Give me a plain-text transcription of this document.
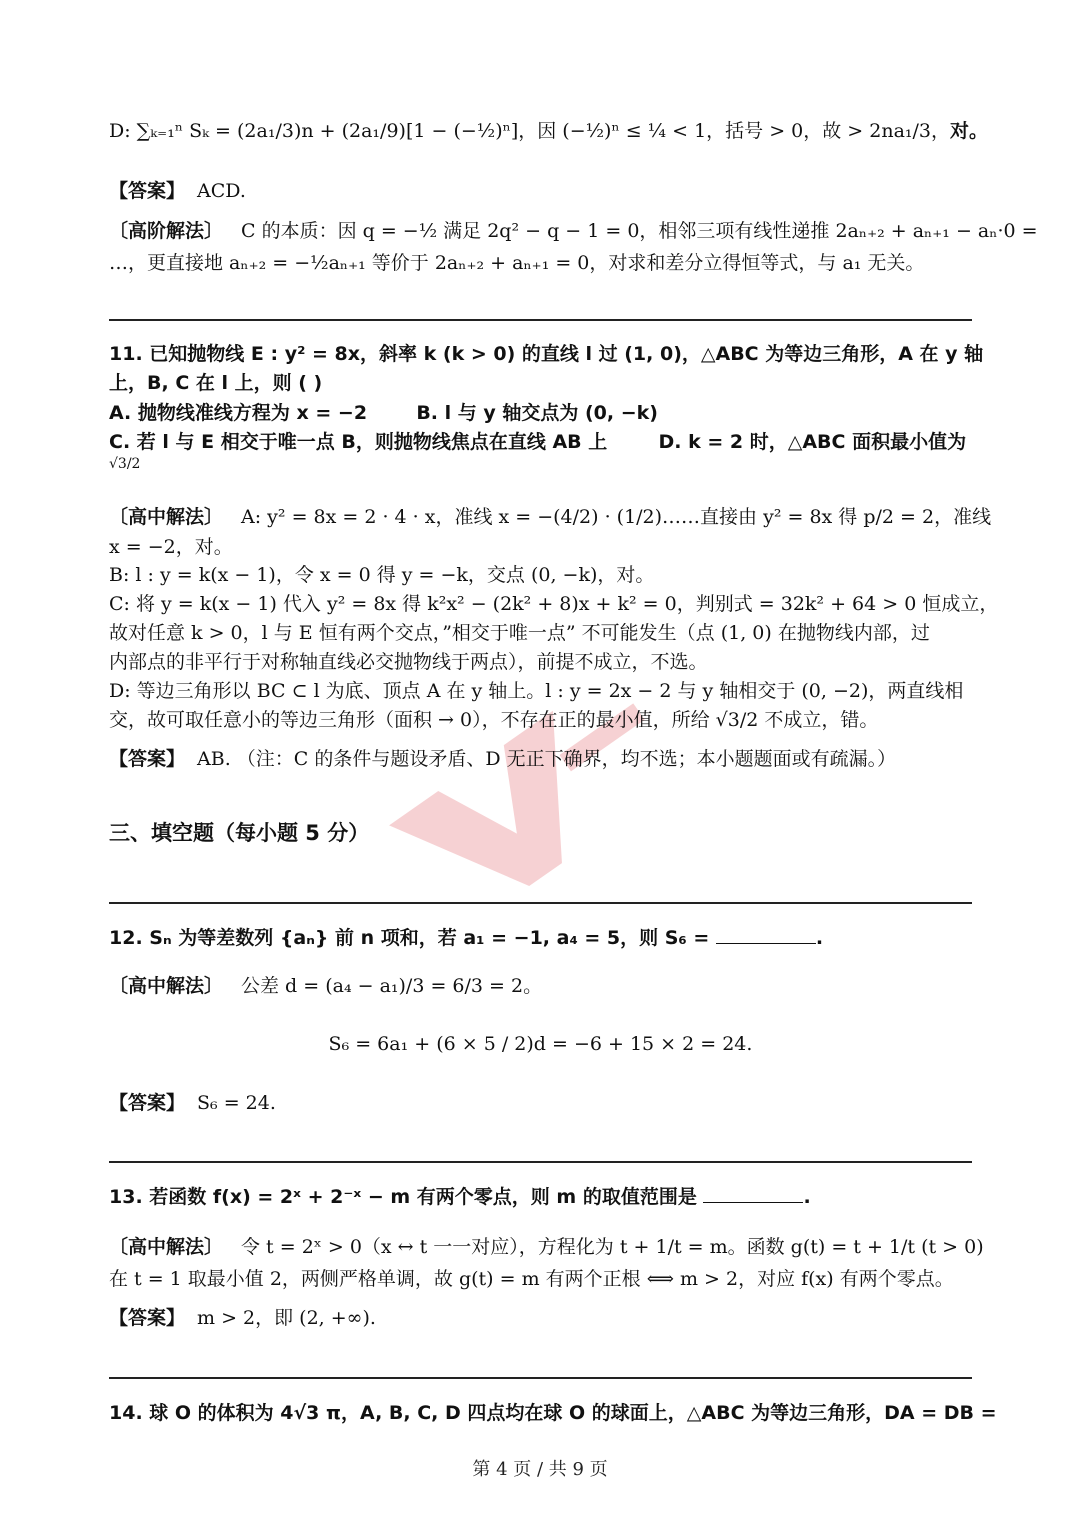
D: ∑ₖ₌₁ⁿ Sₖ = (2a₁/3)n + (2a₁/9)[1 − (−½)ⁿ]，因 (−½)ⁿ ≤ ¼ < 1，括号 > 0，故 > 2na₁/3，对。
【答案】 ACD.
〔高阶解法〕 C 的本质：因 q = −½ 满足 2q² − q − 1 = 0，相邻三项有线性递推 2aₙ₊₂ + aₙ₊₁ − aₙ·0 =
…，更直接地 aₙ₊₂ = −½aₙ₊₁ 等价于 2aₙ₊₂ + aₙ₊₁ = 0，对求和差分立得恒等式，与 a₁ 无关。
11. 已知抛物线 E : y² = 8x，斜率 k (k > 0) 的直线 l 过 (1, 0)，△ABC 为等边三角形，A 在 y 轴
上，B, C 在 l 上，则 ( )
A. 抛物线准线方程为 x = −2	B. l 与 y 轴交点为 (0, −k)
C. 若 l 与 E 相交于唯一点 B，则抛物线焦点在直线 AB 上	D. k = 2 时，△ABC 面积最小值为
√3/2
〔高中解法〕 A: y² = 8x = 2 · 4 · x，准线 x = −(4/2) · (1/2)……直接由 y² = 8x 得 p/2 = 2，准线
x = −2，对。
B: l : y = k(x − 1)，令 x = 0 得 y = −k，交点 (0, −k)，对。
C: 将 y = k(x − 1) 代入 y² = 8x 得 k²x² − (2k² + 8)x + k² = 0，判别式 = 32k² + 64 > 0 恒成立，
故对任意 k > 0，l 与 E 恒有两个交点，”相交于唯一点” 不可能发生（点 (1, 0) 在抛物线内部，过
内部点的非平行于对称轴直线必交抛物线于两点），前提不成立，不选。
D: 等边三角形以 BC ⊂ l 为底、顶点 A 在 y 轴上。l : y = 2x − 2 与 y 轴相交于 (0, −2)，两直线相
交，故可取任意小的等边三角形（面积 → 0），不存在正的最小值，所给 √3/2 不成立，错。
【答案】 AB. （注：C 的条件与题设矛盾、D 无正下确界，均不选；本小题题面或有疏漏。）
三、填空题（每小题 5 分）
12. Sₙ 为等差数列 {aₙ} 前 n 项和，若 a₁ = −1, a₄ = 5，则 S₆ =	.
〔高中解法〕 公差 d = (a₄ − a₁)/3 = 6/3 = 2。
S₆ = 6a₁ + (6 × 5 / 2)d = −6 + 15 × 2 = 24.
【答案】 S₆ = 24.
13. 若函数 f(x) = 2ˣ + 2⁻ˣ − m 有两个零点，则 m 的取值范围是	.
〔高中解法〕 令 t = 2ˣ > 0（x ↔ t 一一对应），方程化为 t + 1/t = m。函数 g(t) = t + 1/t (t > 0)
在 t = 1 取最小值 2，两侧严格单调，故 g(t) = m 有两个正根 ⟺ m > 2，对应 f(x) 有两个零点。
【答案】 m > 2，即 (2, +∞).
14. 球 O 的体积为 4√3 π，A, B, C, D 四点均在球 O 的球面上，△ABC 为等边三角形，DA = DB =
第 4 页 / 共 9 页
